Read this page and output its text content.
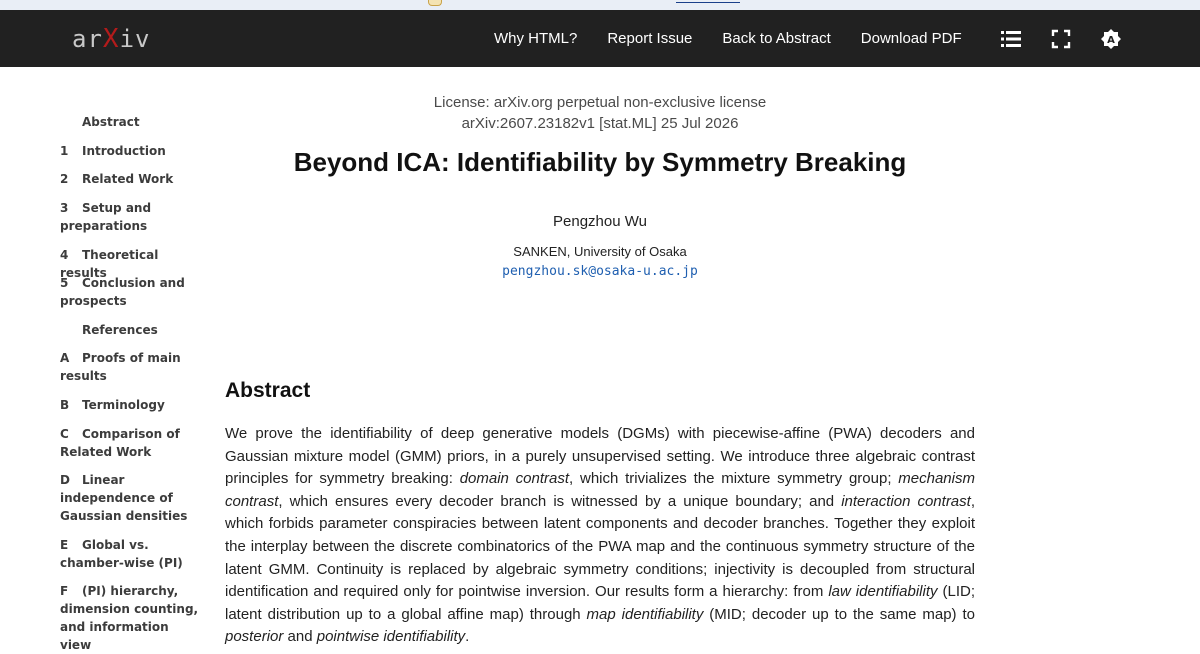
arXiv	Why HTML? Report Issue Back to Abstract Download PDF	A
Abstract
1 Introduction
2 Related Work
3 Setup and preparations
4 Theoretical results
5 Conclusion and prospects
References
A Proofs of main results
B Terminology
C Comparison of Related Work
D Linear independence of Gaussian densities
E Global vs. chamber-wise (PI)
F (PI) hierarchy, dimension counting, and information view
License: arXiv.org perpetual non-exclusive license
arXiv:2607.23182v1 [stat.ML] 25 Jul 2026
Beyond ICA: Identifiability by Symmetry Breaking
Pengzhou Wu
SANKEN, University of Osaka
pengzhou.sk@osaka-u.ac.jp
Abstract

We prove the identifiability of deep generative models (DGMs) with piecewise-affine (PWA) decoders and Gaussian mixture model (GMM) priors, in a purely unsupervised setting. We introduce three algebraic contrast principles for symmetry breaking: domain contrast, which trivializes the mixture symmetry group; mechanism contrast, which ensures every decoder branch is witnessed by a unique boundary; and interaction contrast, which forbids parameter conspiracies between latent components and decoder branches. Together they exploit the interplay between the discrete combinatorics of the PWA map and the continuous symmetry structure of the latent GMM. Continuity is replaced by algebraic symmetry conditions; injectivity is decoupled from structural identification and required only for pointwise inversion. Our results form a hierarchy: from law identifiability (LID; latent distribution up to a global affine map) through map identifiability (MID; decoder up to the same map) to posterior and pointwise identifiability.
